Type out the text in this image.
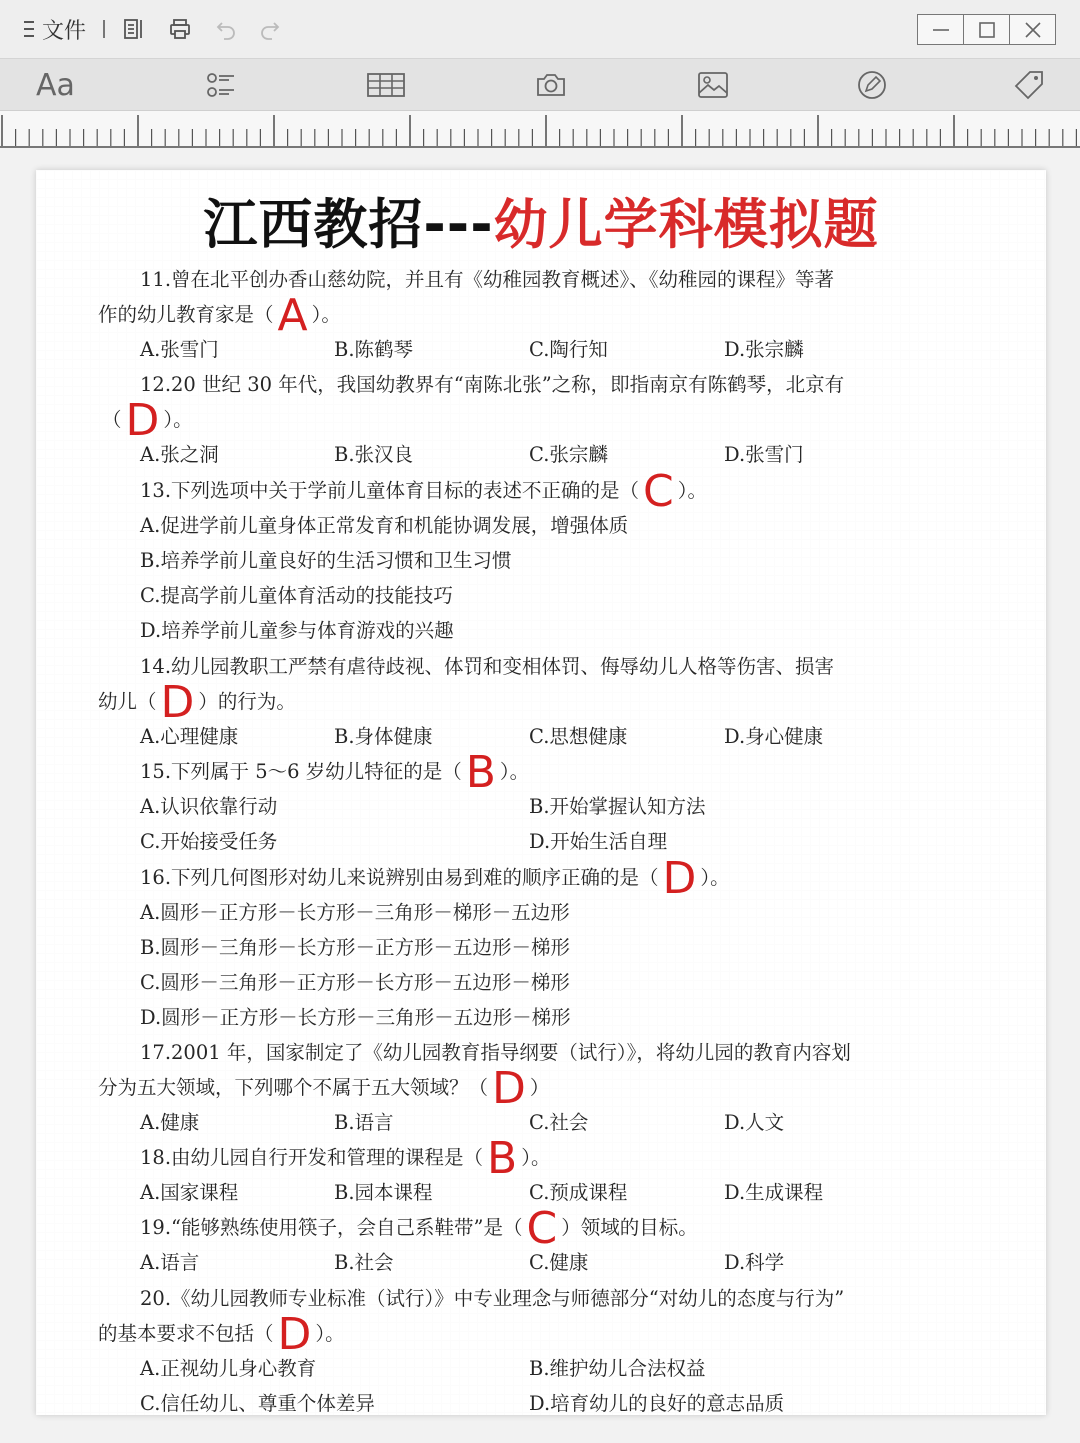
文件
Aa
江西教招---幼儿学科模拟题
11.曾在北平创办香山慈幼院，并且有《幼稚园教育概述》、《幼稚园的课程》等著
作的幼儿教育家是（A ）。
A.张雪门	B.陈鹤琴	C.陶行知	D.张宗麟
12.20 世纪 30 年代，我国幼教界有“南陈北张”之称，即指南京有陈鹤琴，北京有
（D ）。
A.张之洞	B.张汉良	C.张宗麟	D.张雪门
13.下列选项中关于学前儿童体育目标的表述不正确的是（C ）。
A.促进学前儿童身体正常发育和机能协调发展，增强体质
B.培养学前儿童良好的生活习惯和卫生习惯
C.提高学前儿童体育活动的技能技巧
D.培养学前儿童参与体育游戏的兴趣
14.幼儿园教职工严禁有虐待歧视、体罚和变相体罚、侮辱幼儿人格等伤害、损害
幼儿（D ）的行为。
A.心理健康	B.身体健康	C.思想健康	D.身心健康
15.下列属于 5～6 岁幼儿特征的是（B ）。
A.认识依靠行动	B.开始掌握认知方法
C.开始接受任务	D.开始生活自理
16.下列几何图形对幼儿来说辨别由易到难的顺序正确的是（D ）。
A.圆形－正方形－长方形－三角形－梯形－五边形
B.圆形－三角形－长方形－正方形－五边形－梯形
C.圆形－三角形－正方形－长方形－五边形－梯形
D.圆形－正方形－长方形－三角形－五边形－梯形
17.2001 年，国家制定了《幼儿园教育指导纲要（试行）》，将幼儿园的教育内容划
分为五大领域，下列哪个不属于五大领域？（D ）
A.健康	B.语言	C.社会	D.人文
18.由幼儿园自行开发和管理的课程是（B ）。
A.国家课程	B.园本课程	C.预成课程	D.生成课程
19.“能够熟练使用筷子，会自己系鞋带”是（C ）领域的目标。
A.语言	B.社会	C.健康	D.科学
20.《幼儿园教师专业标准（试行）》中专业理念与师德部分“对幼儿的态度与行为”
的基本要求不包括（D ）。
A.正视幼儿身心教育	B.维护幼儿合法权益
C.信任幼儿、尊重个体差异	D.培育幼儿的良好的意志品质
